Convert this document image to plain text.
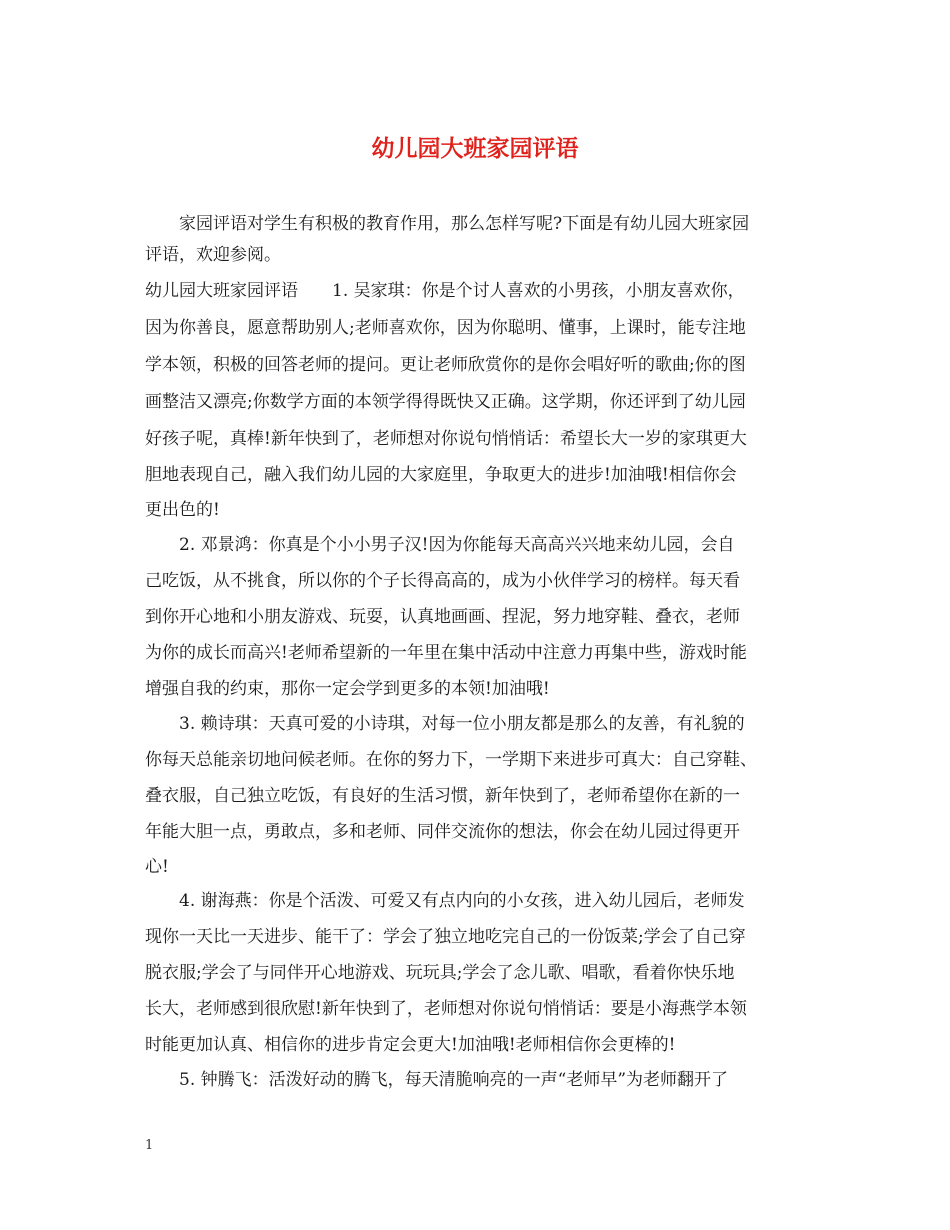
幼儿园大班家园评语

家园评语对学生有积极的教育作用，那么怎样写呢?下面是有幼儿园大班家园

评语，欢迎参阅。

幼儿园大班家园评语　　1. 吴家琪：你是个讨人喜欢的小男孩，小朋友喜欢你，

因为你善良，愿意帮助别人;老师喜欢你，因为你聪明、懂事，上课时，能专注地

学本领，积极的回答老师的提问。更让老师欣赏你的是你会唱好听的歌曲;你的图

画整洁又漂亮;你数学方面的本领学得得既快又正确。这学期，你还评到了幼儿园

好孩子呢，真棒!新年快到了，老师想对你说句悄悄话：希望长大一岁的家琪更大

胆地表现自己，融入我们幼儿园的大家庭里，争取更大的进步!加油哦!相信你会

更出色的!

2. 邓景鸿：你真是个小小男子汉!因为你能每天高高兴兴地来幼儿园，会自

己吃饭，从不挑食，所以你的个子长得高高的，成为小伙伴学习的榜样。每天看

到你开心地和小朋友游戏、玩耍，认真地画画、捏泥，努力地穿鞋、叠衣，老师

为你的成长而高兴!老师希望新的一年里在集中活动中注意力再集中些，游戏时能

增强自我的约束，那你一定会学到更多的本领!加油哦!

3. 赖诗琪：天真可爱的小诗琪，对每一位小朋友都是那么的友善，有礼貌的

你每天总能亲切地问候老师。在你的努力下，一学期下来进步可真大：自己穿鞋、

叠衣服，自己独立吃饭，有良好的生活习惯，新年快到了，老师希望你在新的一

年能大胆一点，勇敢点，多和老师、同伴交流你的想法，你会在幼儿园过得更开

心!

4. 谢海燕：你是个活泼、可爱又有点内向的小女孩，进入幼儿园后，老师发

现你一天比一天进步、能干了：学会了独立地吃完自己的一份饭菜;学会了自己穿

脱衣服;学会了与同伴开心地游戏、玩玩具;学会了念儿歌、唱歌，看着你快乐地

长大，老师感到很欣慰!新年快到了，老师想对你说句悄悄话：要是小海燕学本领

时能更加认真、相信你的进步肯定会更大!加油哦!老师相信你会更棒的!

5. 钟腾飞：活泼好动的腾飞，每天清脆响亮的一声“老师早”为老师翻开了

1
